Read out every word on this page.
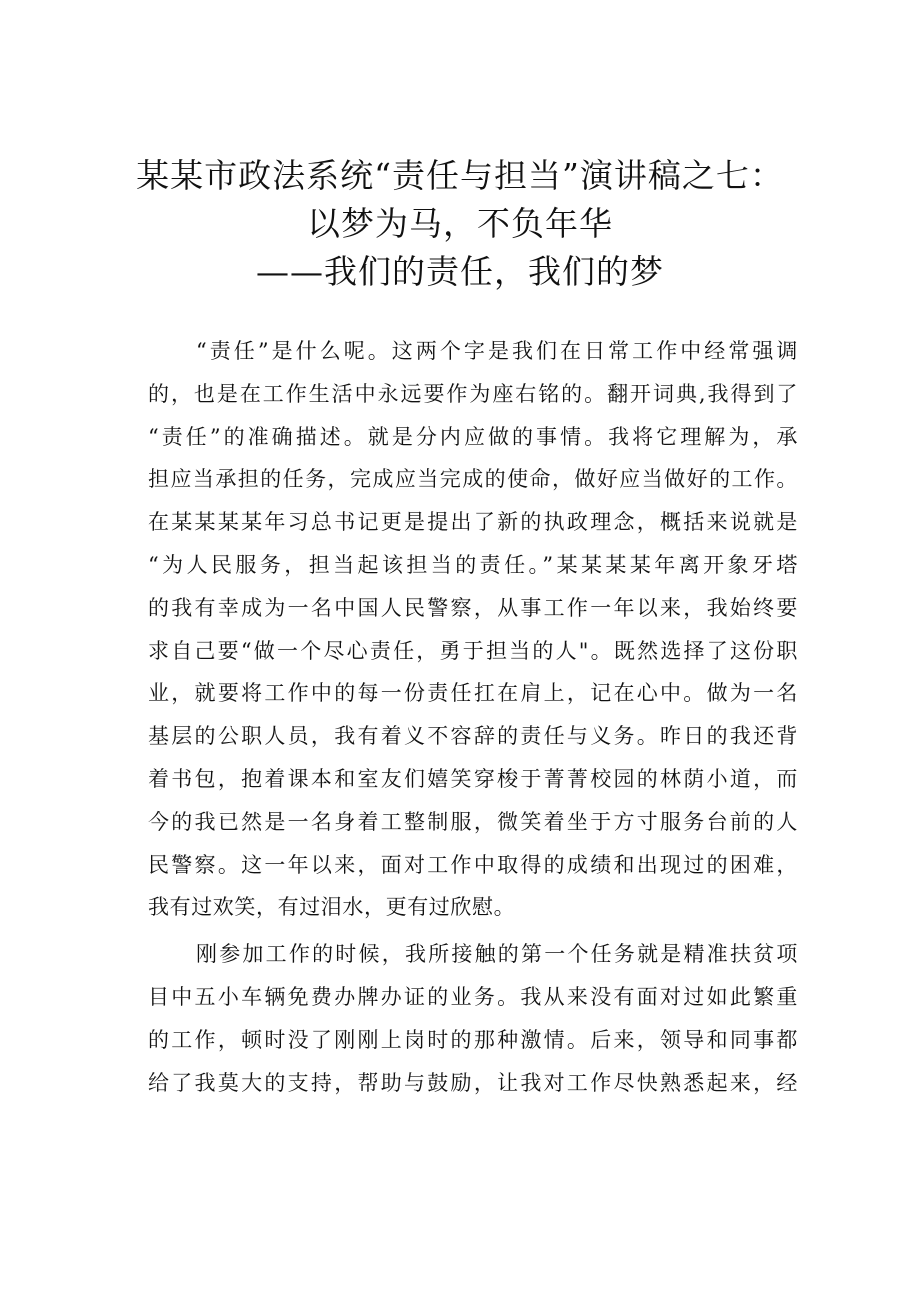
某某市政法系统“责任与担当”演讲稿之七：
以梦为马，不负年华
——我们的责任，我们的梦
“责任”是什么呢。这两个字是我们在日常工作中经常强调
的，也是在工作生活中永远要作为座右铭的。翻开词典,我得到了
“责任”的准确描述。就是分内应做的事情。我将它理解为，承
担应当承担的任务，完成应当完成的使命，做好应当做好的工作。
在某某某某年习总书记更是提出了新的执政理念，概括来说就是
“为人民服务，担当起该担当的责任。”某某某某年离开象牙塔
的我有幸成为一名中国人民警察，从事工作一年以来，我始终要
求自己要“做一个尽心责任，勇于担当的人"。既然选择了这份职
业，就要将工作中的每一份责任扛在肩上，记在心中。做为一名
基层的公职人员，我有着义不容辞的责任与义务。昨日的我还背
着书包，抱着课本和室友们嬉笑穿梭于菁菁校园的林荫小道，而
今的我已然是一名身着工整制服，微笑着坐于方寸服务台前的人
民警察。这一年以来，面对工作中取得的成绩和出现过的困难，
我有过欢笑，有过泪水，更有过欣慰。
刚参加工作的时候，我所接触的第一个任务就是精准扶贫项
目中五小车辆免费办牌办证的业务。我从来没有面对过如此繁重
的工作，顿时没了刚刚上岗时的那种激情。后来，领导和同事都
给了我莫大的支持，帮助与鼓励，让我对工作尽快熟悉起来，经
